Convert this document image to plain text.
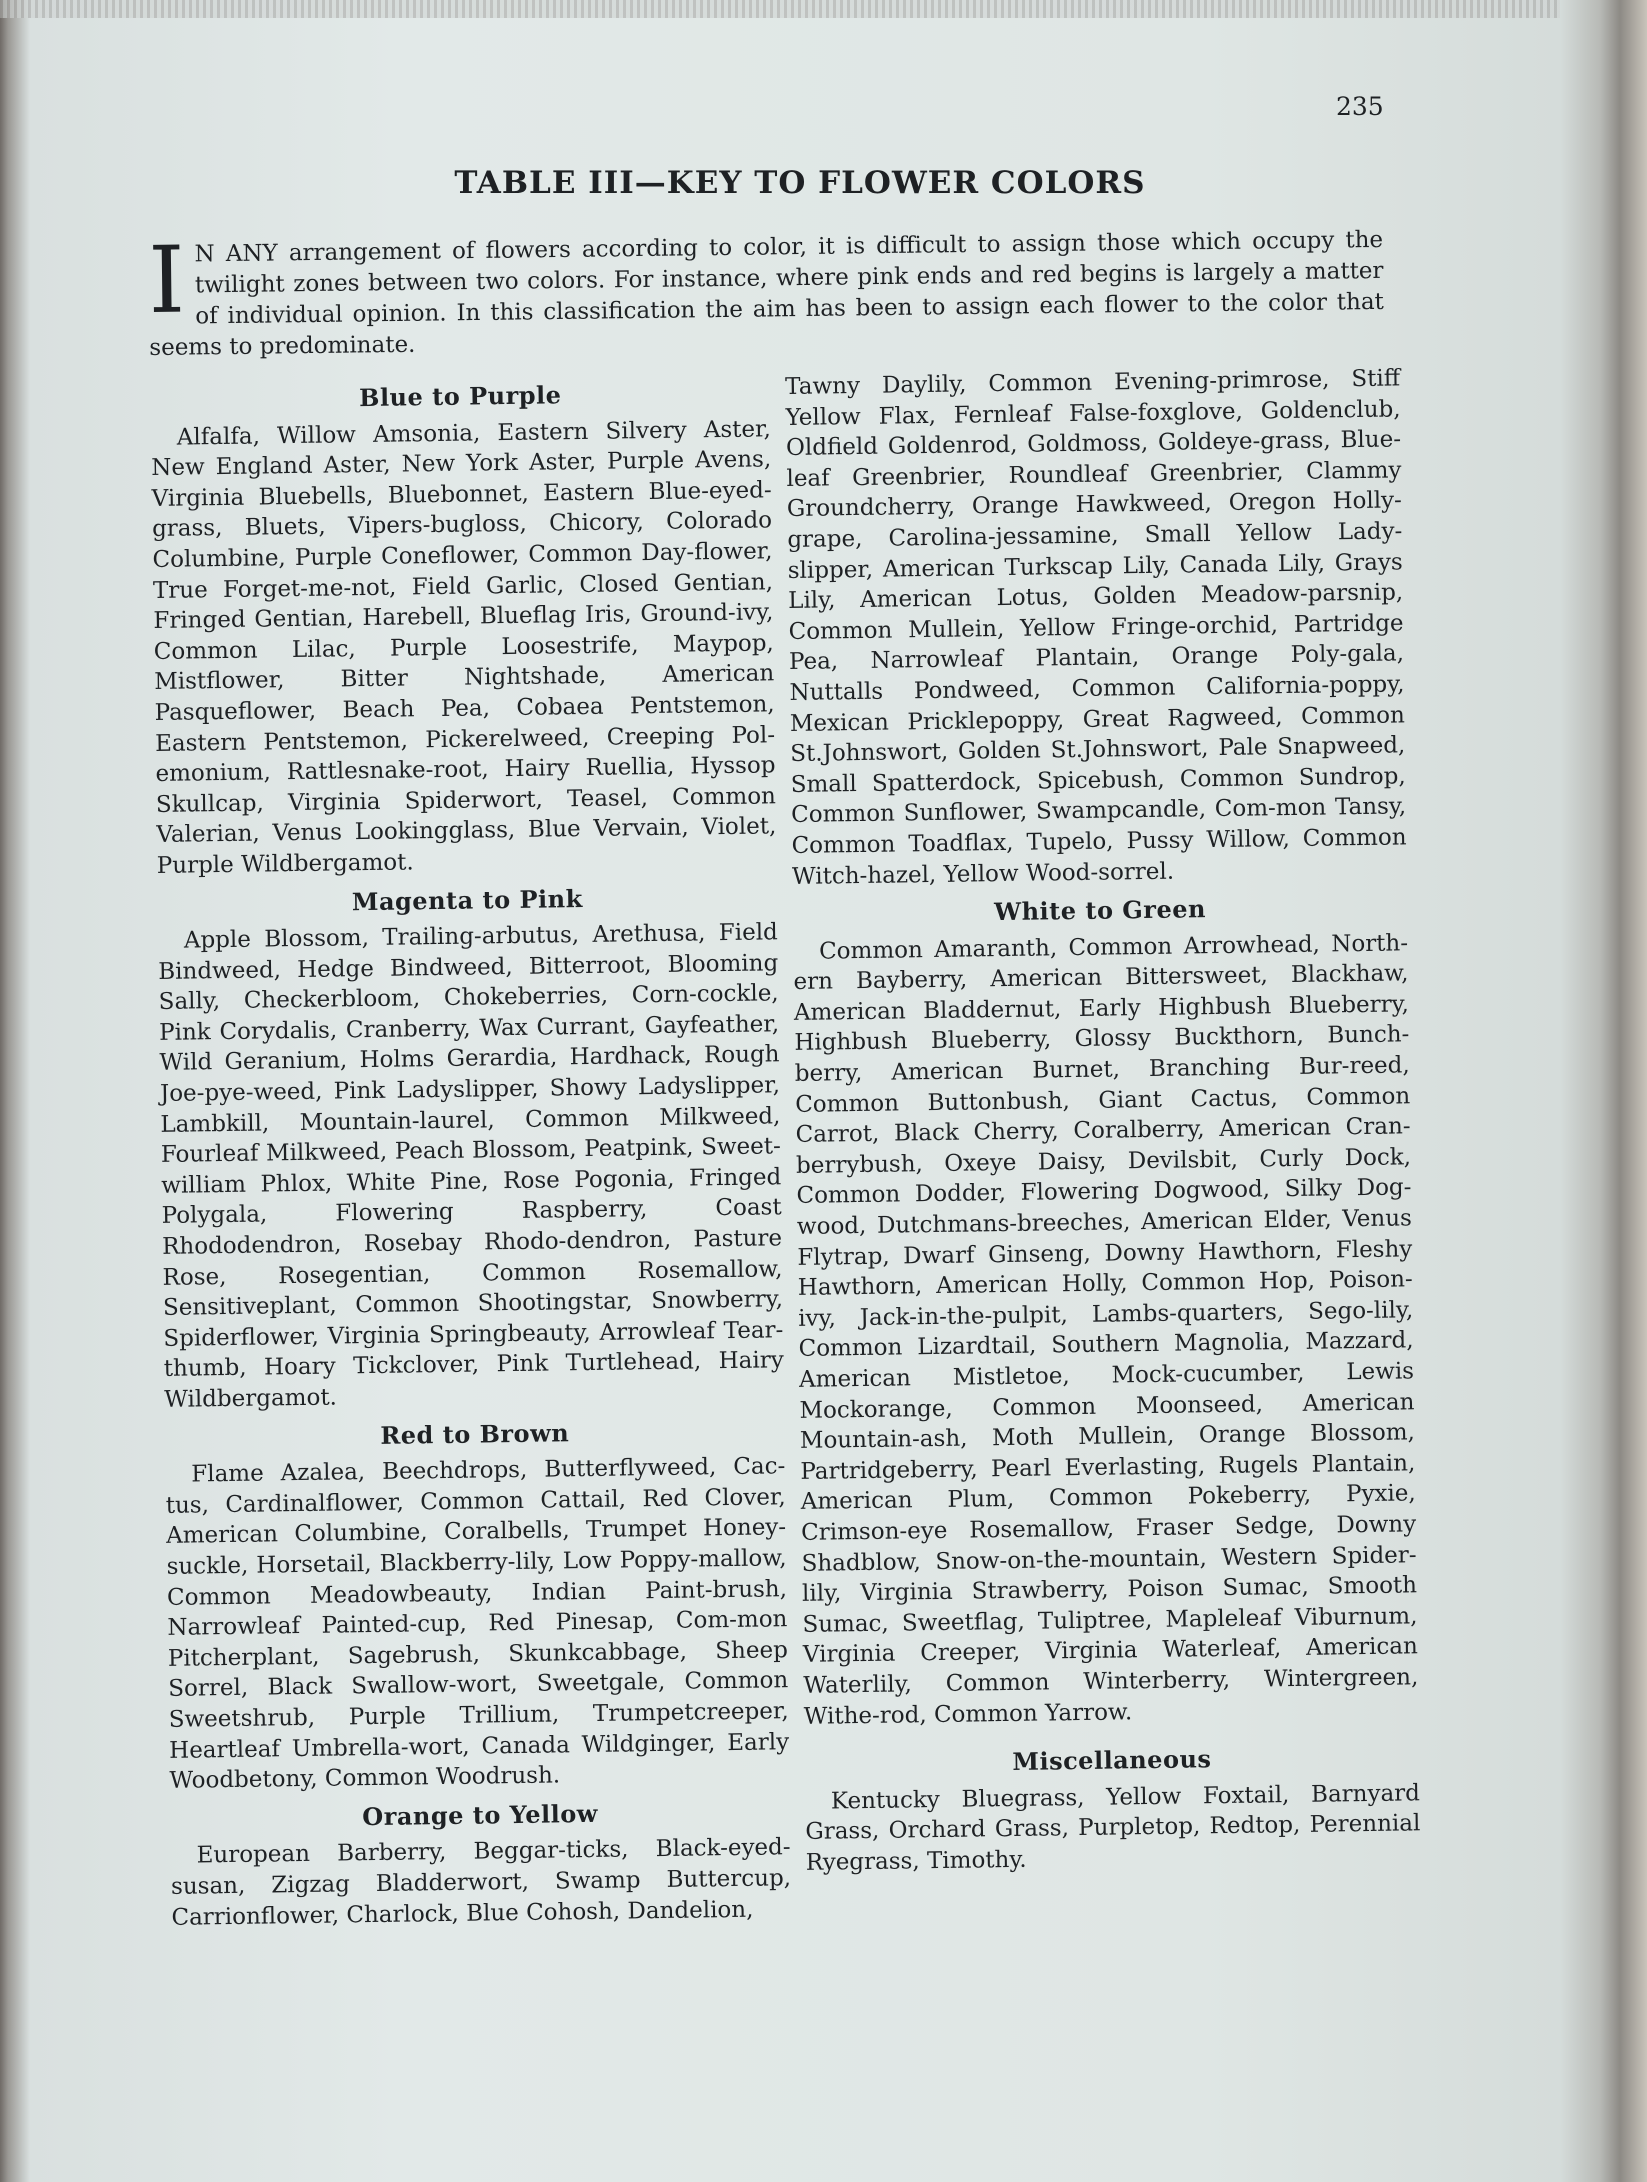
235
TABLE III—KEY TO FLOWER COLORS
I N ANY arrangement of flowers according to color, it is difficult to assign those which occupy the twilight zones between two colors. For instance, where pink ends and red begins is largely a matter of individual opinion. In this classification the aim has been to assign each flower to the color that seems to predominate.
Blue to Purple

Alfalfa, Willow Amsonia, Eastern Silvery Aster, New England Aster, New York Aster, Purple Avens, Virginia Bluebells, Bluebonnet, Eastern Blue-eyed-grass, Bluets, Vipers-bugloss, Chicory, Colorado Columbine, Purple Coneflower, Common Day-flower, True Forget-me-not, Field Garlic, Closed Gentian, Fringed Gentian, Harebell, Blueflag Iris, Ground-ivy, Common Lilac, Purple Loosestrife, Maypop, Mistflower, Bitter Nightshade, American Pasqueflower, Beach Pea, Cobaea Pentstemon, Eastern Pentstemon, Pickerelweed, Creeping Pol-emonium, Rattlesnake-root, Hairy Ruellia, Hyssop Skullcap, Virginia Spiderwort, Teasel, Common Valerian, Venus Lookingglass, Blue Vervain, Violet, Purple Wildbergamot.

Magenta to Pink

Apple Blossom, Trailing-arbutus, Arethusa, Field Bindweed, Hedge Bindweed, Bitterroot, Blooming Sally, Checkerbloom, Chokeberries, Corn-cockle, Pink Corydalis, Cranberry, Wax Currant, Gayfeather, Wild Geranium, Holms Gerardia, Hardhack, Rough Joe-pye-weed, Pink Ladyslipper, Showy Ladyslipper, Lambkill, Mountain-laurel, Common Milkweed, Fourleaf Milkweed, Peach Blossom, Peatpink, Sweet-william Phlox, White Pine, Rose Pogonia, Fringed Polygala, Flowering Raspberry, Coast Rhododendron, Rosebay Rhodo-dendron, Pasture Rose, Rosegentian, Common Rosemallow, Sensitiveplant, Common Shootingstar, Snowberry, Spiderflower, Virginia Springbeauty, Arrowleaf Tear-thumb, Hoary Tickclover, Pink Turtlehead, Hairy Wildbergamot.

Red to Brown

Flame Azalea, Beechdrops, Butterflyweed, Cac-tus, Cardinalflower, Common Cattail, Red Clover, American Columbine, Coralbells, Trumpet Honey-suckle, Horsetail, Blackberry-lily, Low Poppy-mallow, Common Meadowbeauty, Indian Paint-brush, Narrowleaf Painted-cup, Red Pinesap, Com-mon Pitcherplant, Sagebrush, Skunkcabbage, Sheep Sorrel, Black Swallow-wort, Sweetgale, Common Sweetshrub, Purple Trillium, Trumpetcreeper, Heartleaf Umbrella-wort, Canada Wildginger, Early Woodbetony, Common Woodrush.

Orange to Yellow

European Barberry, Beggar-ticks, Black-eyed-susan, Zigzag Bladderwort, Swamp Buttercup, Carrionflower, Charlock, Blue Cohosh, Dandelion,

Tawny Daylily, Common Evening-primrose, Stiff Yellow Flax, Fernleaf False-foxglove, Goldenclub, Oldfield Goldenrod, Goldmoss, Goldeye-grass, Blue-leaf Greenbrier, Roundleaf Greenbrier, Clammy Groundcherry, Orange Hawkweed, Oregon Holly-grape, Carolina-jessamine, Small Yellow Lady-slipper, American Turkscap Lily, Canada Lily, Grays Lily, American Lotus, Golden Meadow-parsnip, Common Mullein, Yellow Fringe-orchid, Partridge Pea, Narrowleaf Plantain, Orange Poly-gala, Nuttalls Pondweed, Common California-poppy, Mexican Pricklepoppy, Great Ragweed, Common St.Johnswort, Golden St.Johnswort, Pale Snapweed, Small Spatterdock, Spicebush, Common Sundrop, Common Sunflower, Swampcandle, Com-mon Tansy, Common Toadflax, Tupelo, Pussy Willow, Common Witch-hazel, Yellow Wood-sorrel.

White to Green

Common Amaranth, Common Arrowhead, North-ern Bayberry, American Bittersweet, Blackhaw, American Bladdernut, Early Highbush Blueberry, Highbush Blueberry, Glossy Buckthorn, Bunch-berry, American Burnet, Branching Bur-reed, Common Buttonbush, Giant Cactus, Common Carrot, Black Cherry, Coralberry, American Cran-berrybush, Oxeye Daisy, Devilsbit, Curly Dock, Common Dodder, Flowering Dogwood, Silky Dog-wood, Dutchmans-breeches, American Elder, Venus Flytrap, Dwarf Ginseng, Downy Hawthorn, Fleshy Hawthorn, American Holly, Common Hop, Poison-ivy, Jack-in-the-pulpit, Lambs-quarters, Sego-lily, Common Lizardtail, Southern Magnolia, Mazzard, American Mistletoe, Mock-cucumber, Lewis Mockorange, Common Moonseed, American Mountain-ash, Moth Mullein, Orange Blossom, Partridgeberry, Pearl Everlasting, Rugels Plantain, American Plum, Common Pokeberry, Pyxie, Crimson-eye Rosemallow, Fraser Sedge, Downy Shadblow, Snow-on-the-mountain, Western Spider-lily, Virginia Strawberry, Poison Sumac, Smooth Sumac, Sweetflag, Tuliptree, Mapleleaf Viburnum, Virginia Creeper, Virginia Waterleaf, American Waterlily, Common Winterberry, Wintergreen, Withe-rod, Common Yarrow.

Miscellaneous

Kentucky Bluegrass, Yellow Foxtail, Barnyard Grass, Orchard Grass, Purpletop, Redtop, Perennial Ryegrass, Timothy.
